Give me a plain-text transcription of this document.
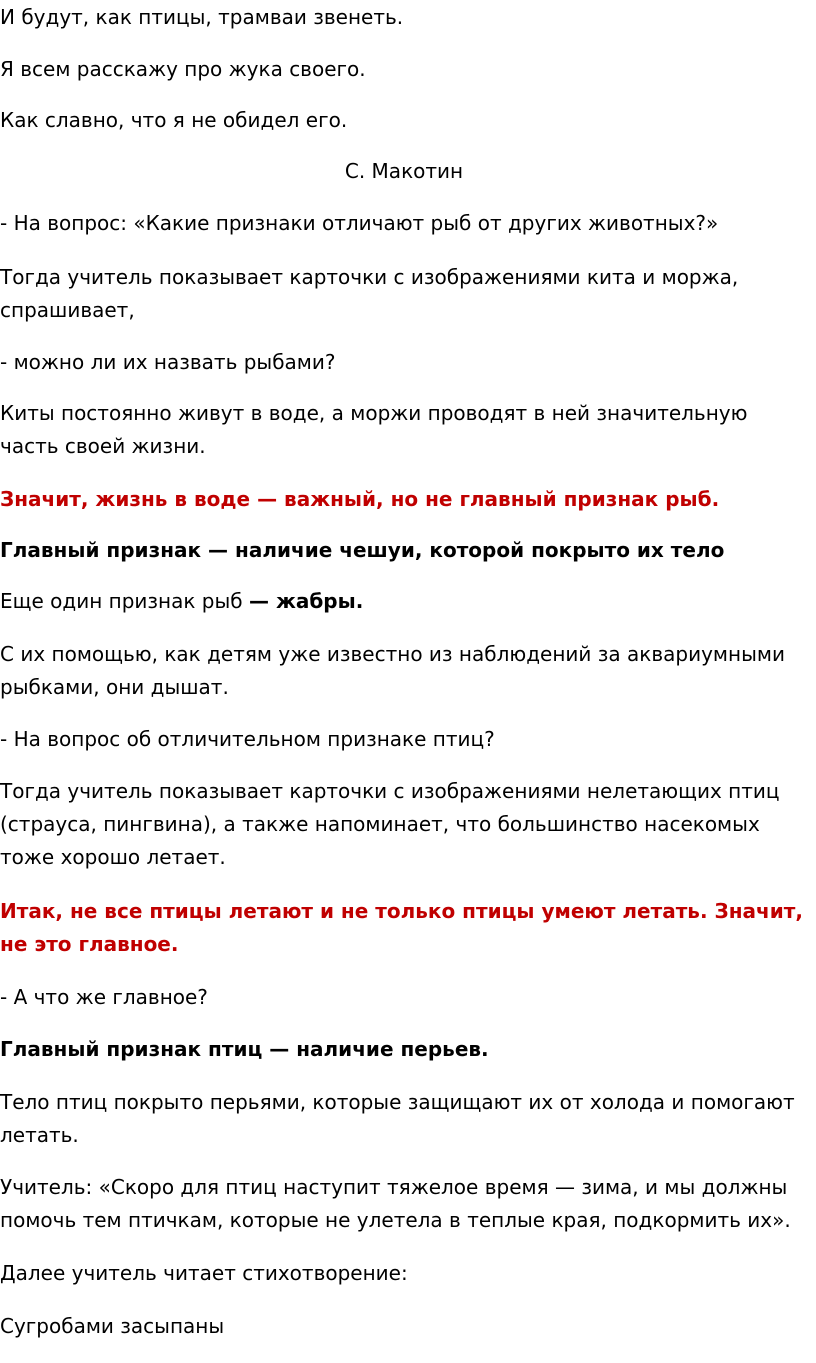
И будут, как птицы, трамваи звенеть.

Я всем расскажу про жука своего.

Как славно, что я не обидел его.

С. Макотин

- На вопрос: «Какие признаки отличают рыб от других животных?»

Тогда учитель показывает карточки с изображениями кита и моржа, спрашивает,

- можно ли их назвать рыбами?

Киты постоянно живут в воде, а моржи проводят в ней значительную часть своей жизни.

Значит, жизнь в воде — важный, но не главный признак рыб.

Главный признак — наличие чешуи, которой покрыто их тело

Еще один признак рыб — жабры.

С их помощью, как детям уже известно из наблюдений за аквариумными рыбками, они дышат.

- На вопрос об отличительном признаке птиц?

Тогда учитель показывает карточки с изображениями нелетающих птиц (страуса, пингвина), а также напоминает, что большинство насекомых тоже хорошо летает.

Итак, не все птицы летают и не только птицы умеют летать. Значит, не это главное.

- А что же главное?

Главный признак птиц — наличие перьев.

Тело птиц покрыто перьями, которые защищают их от холода и помогают летать.

Учитель: «Скоро для птиц наступит тяжелое время — зима, и мы должны помочь тем птичкам, которые не улетела в теплые края, подкормить их».

Далее учитель читает стихотворение:

Сугробами засыпаны
